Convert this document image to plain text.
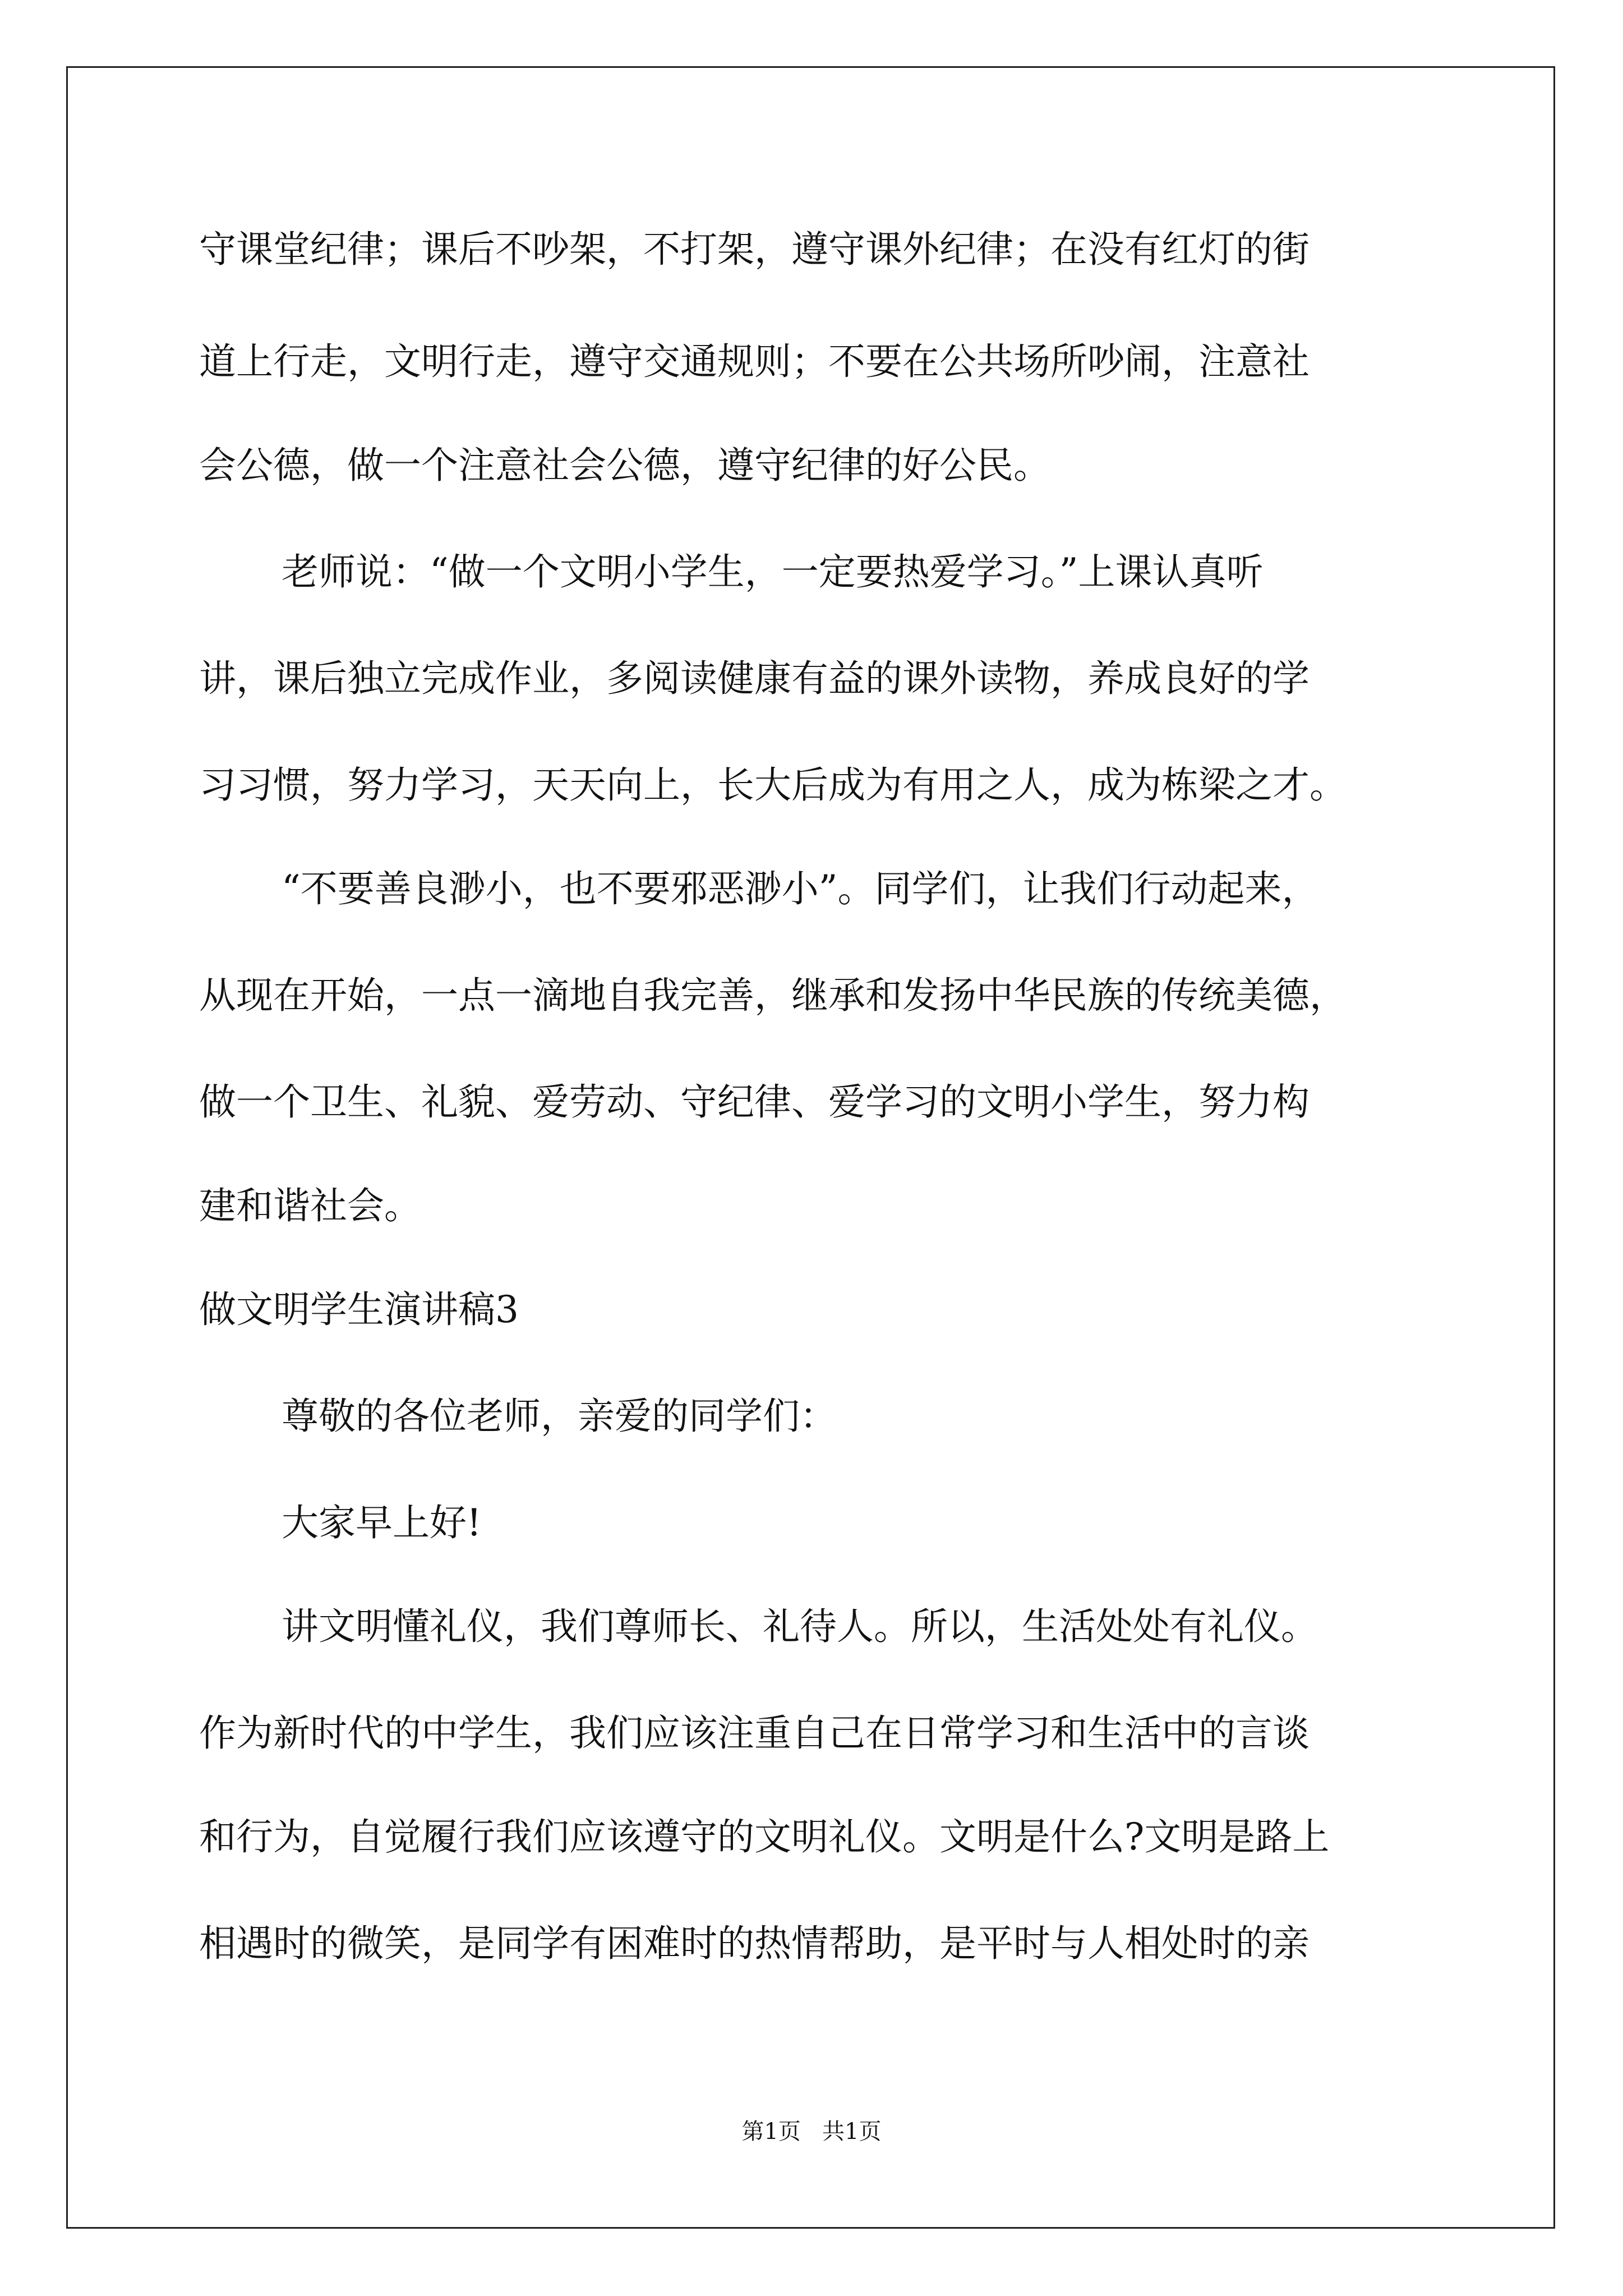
守课堂纪律；课后不吵架，不打架，遵守课外纪律；在没有红灯的街
道上行走，文明行走，遵守交通规则；不要在公共场所吵闹，注意社
会公德，做一个注意社会公德，遵守纪律的好公民。
老师说：“做一个文明小学生，一定要热爱学习。”上课认真听
讲，课后独立完成作业，多阅读健康有益的课外读物，养成良好的学
习习惯，努力学习，天天向上，长大后成为有用之人，成为栋梁之才。
“不要善良渺小，也不要邪恶渺小”。同学们，让我们行动起来，
从现在开始，一点一滴地自我完善，继承和发扬中华民族的传统美德，
做一个卫生、礼貌、爱劳动、守纪律、爱学习的文明小学生，努力构
建和谐社会。
做文明学生演讲稿3
尊敬的各位老师，亲爱的同学们：
大家早上好!
讲文明懂礼仪，我们尊师长、礼待人。所以，生活处处有礼仪。
作为新时代的中学生，我们应该注重自己在日常学习和生活中的言谈
和行为，自觉履行我们应该遵守的文明礼仪。文明是什么?文明是路上
相遇时的微笑，是同学有困难时的热情帮助，是平时与人相处时的亲
第1页   共1页
